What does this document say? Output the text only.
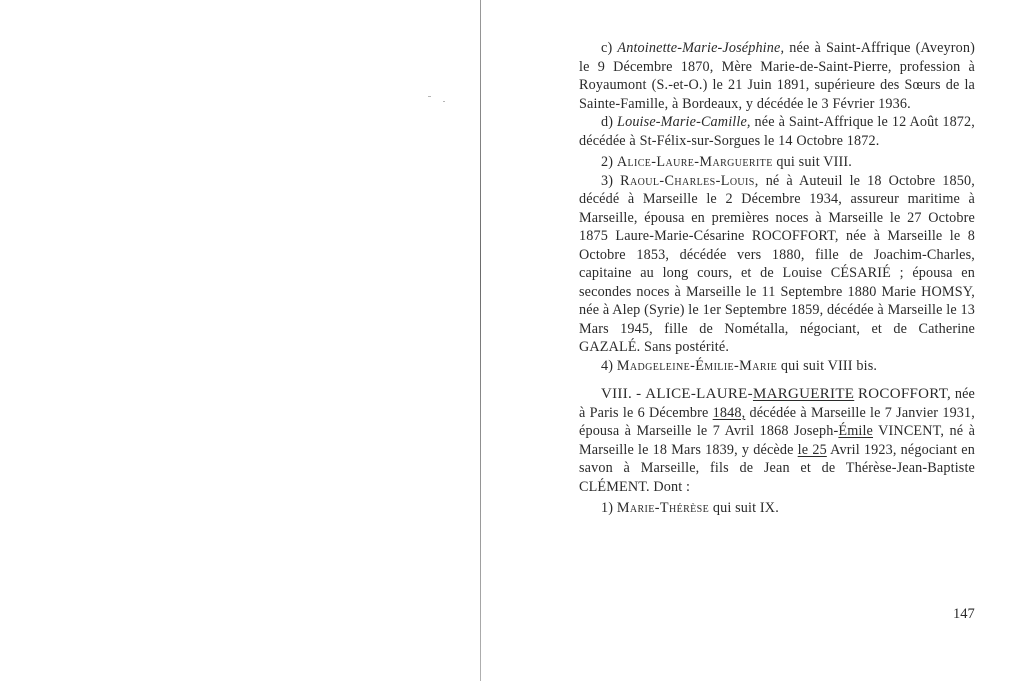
c) Antoinette-Marie-Joséphine, née à Saint-Affrique (Aveyron) le 9 Décembre 1870, Mère Marie-de-Saint-Pierre, profession à Royaumont (S.-et-O.) le 21 Juin 1891, supérieure des Sœurs de la Sainte-Famille, à Bordeaux, y décédée le 3 Février 1936.

d) Louise-Marie-Camille, née à Saint-Affrique le 12 Août 1872, décédée à St-Félix-sur-Sorgues le 14 Octobre 1872.

2) Alice-Laure-Marguerite qui suit VIII.

3) Raoul-Charles-Louis, né à Auteuil le 18 Octobre 1850, décédé à Marseille le 2 Décembre 1934, assureur maritime à Marseille, épousa en premières noces à Marseille le 27 Octobre 1875 Laure-Marie-Césarine ROCOFFORT, née à Marseille le 8 Octobre 1853, décédée vers 1880, fille de Joachim-Charles, capitaine au long cours, et de Louise CÉSARIÉ ; épousa en secondes noces à Marseille le 11 Septembre 1880 Marie HOMSY, née à Alep (Syrie) le 1er Septembre 1859, décédée à Marseille le 13 Mars 1945, fille de Nométalla, négociant, et de Catherine GAZALÉ. Sans postérité.

4) Madgeleine-Émilie-Marie qui suit VIII bis.

VIII. - ALICE-LAURE-MARGUERITE ROCOFFORT, née à Paris le 6 Décembre 1848, décédée à Marseille le 7 Janvier 1931, épousa à Marseille le 7 Avril 1868 Joseph-Émile VINCENT, né à Marseille le 18 Mars 1839, y décède le 25 Avril 1923, négociant en savon à Marseille, fils de Jean et de Thérèse-Jean-Baptiste CLÉMENT. Dont :

1) Marie-Thérèse qui suit IX.

147
